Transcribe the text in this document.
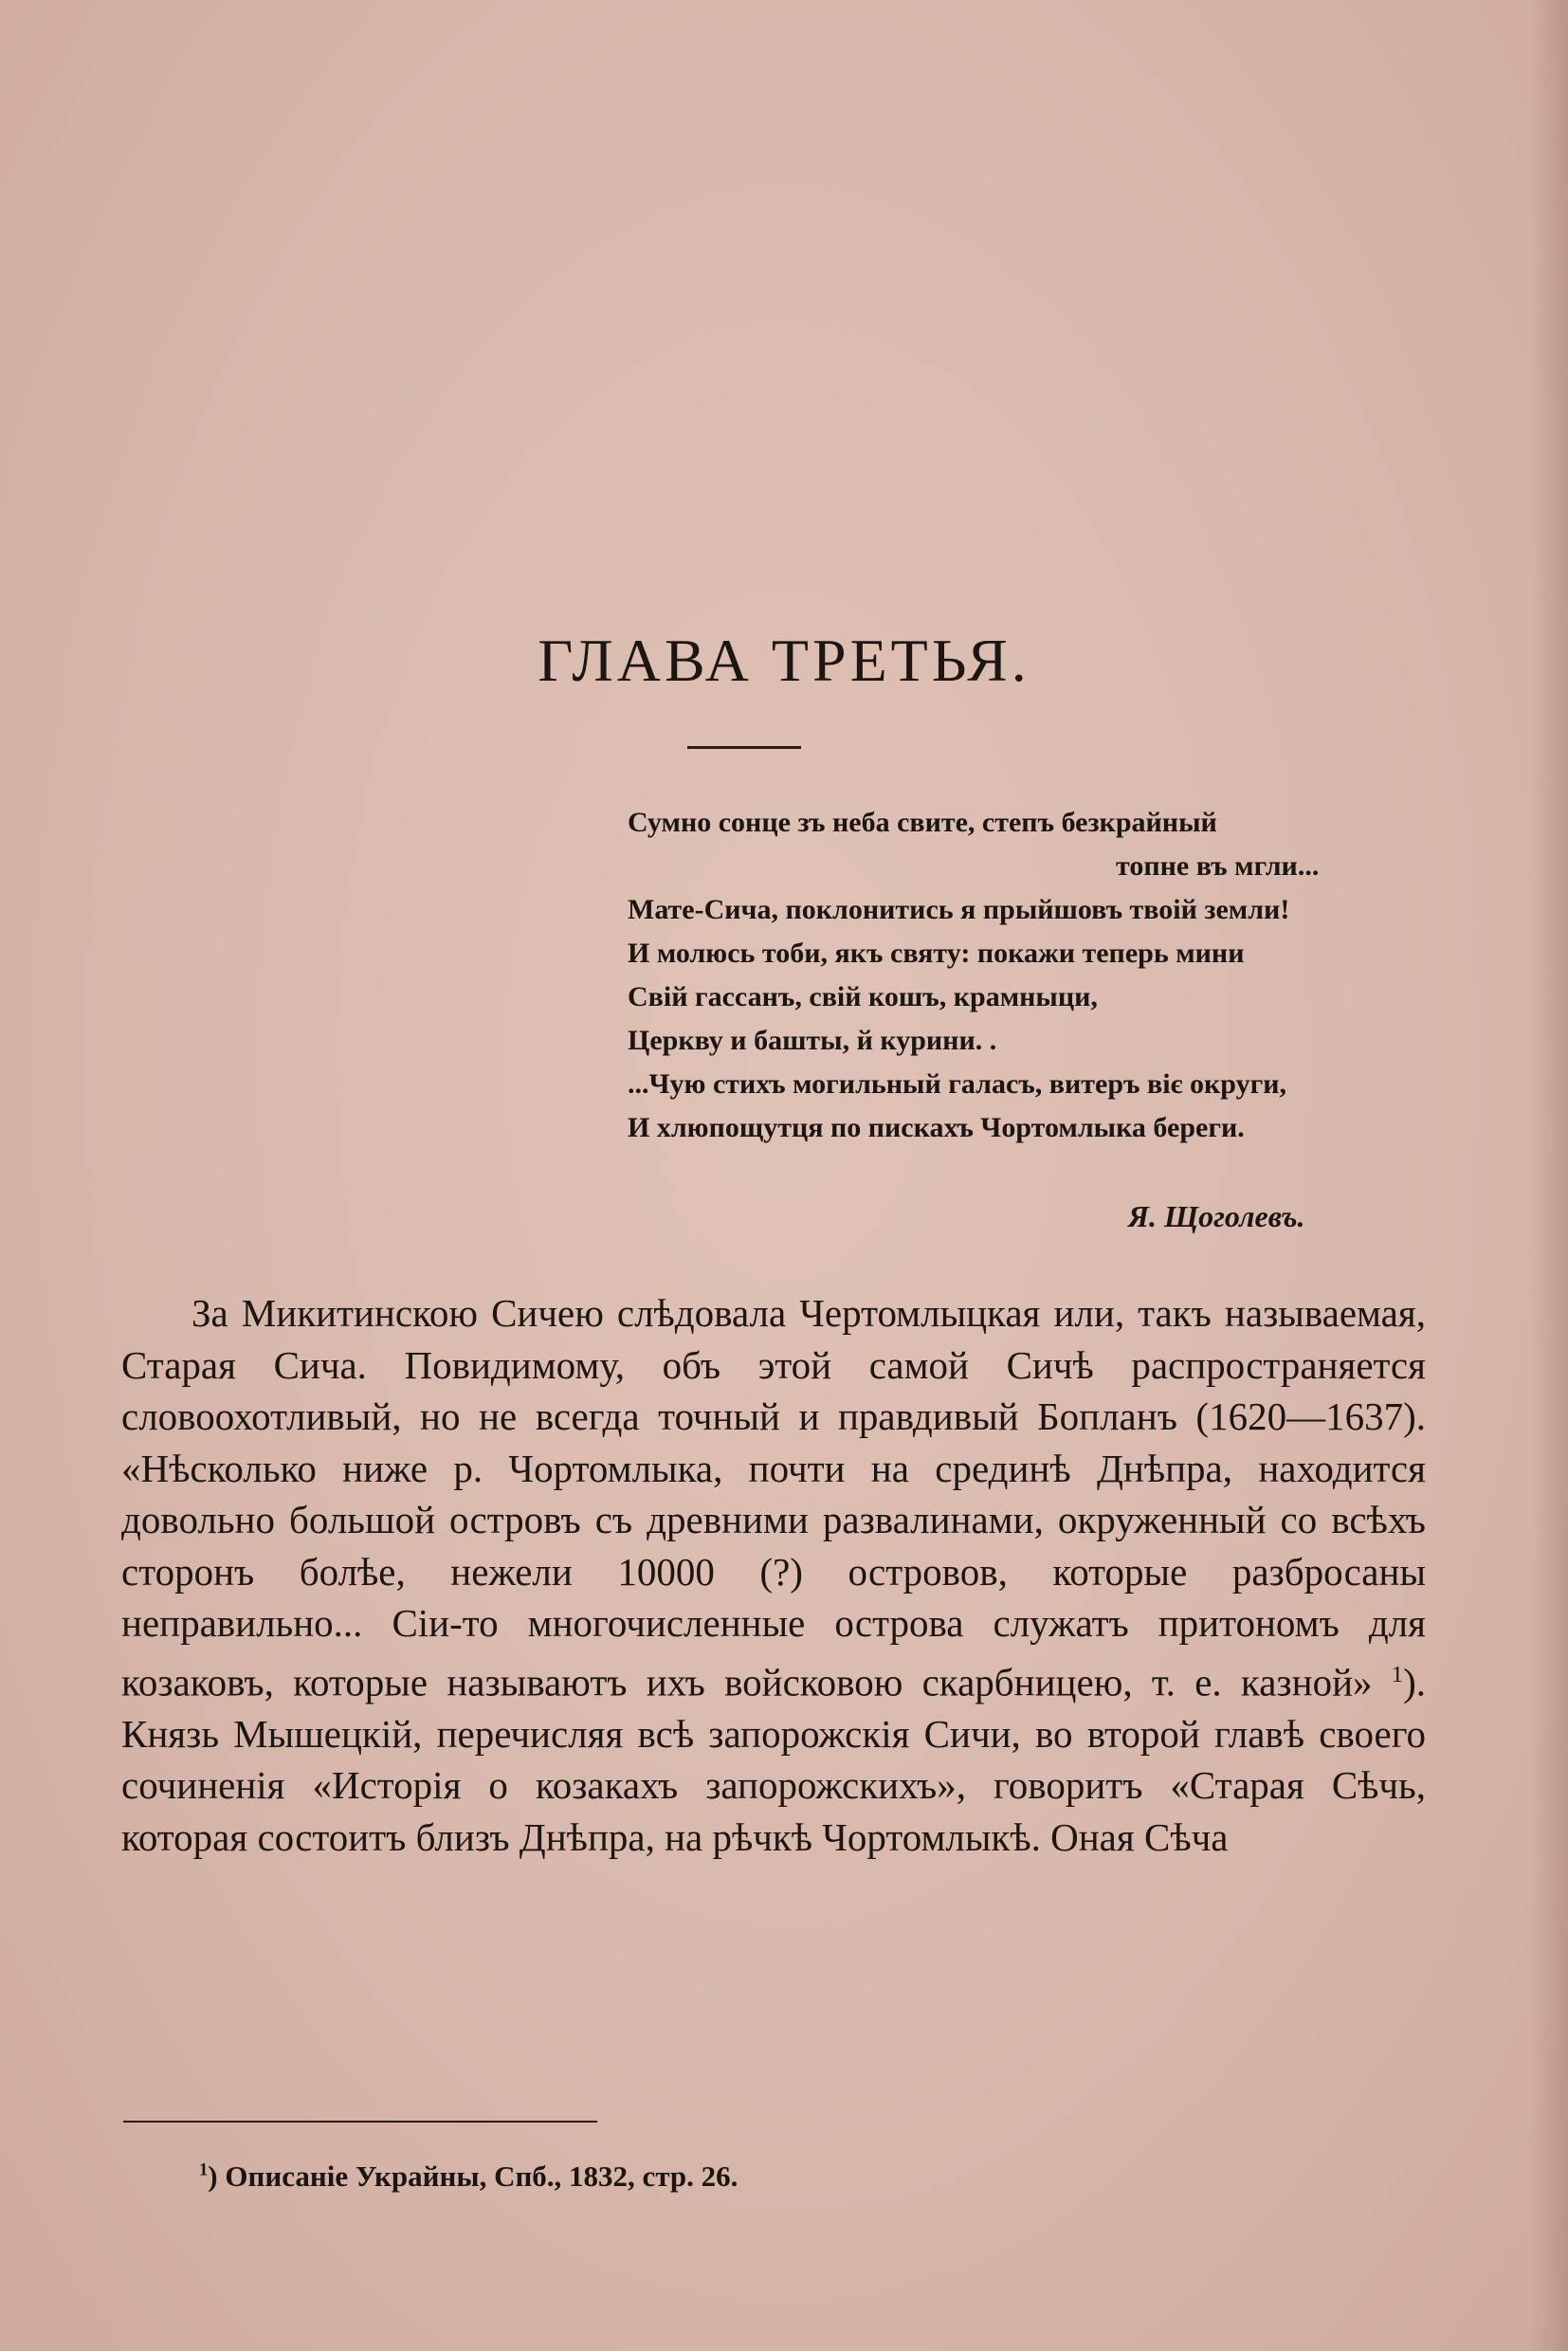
ГЛАВА ТРЕТЬЯ.
Сумно сонце зъ неба свите, степъ безкрайный
топне въ мгли...
Мате-Сича, поклонитись я прыйшовъ твоій земли!
И молюсь тоби, якъ святу: покажи теперь мини
Свій гассанъ, свій кошъ, крамныци,
Церкву и башты, й курини. .
...Чую стихъ могильный галасъ, витеръ віє округи,
И хлюпощутця по пискахъ Чортомлыка береги.
Я. Щоголевъ.
За Микитинскою Сичею слѣдовала Чертомлыцкая или, такъ называемая, Старая Сича. Повидимому, объ этой самой Сичѣ распространяется словоохотливый, но не всегда точный и правдивый Бопланъ (1620—1637). «Нѣсколько ниже р. Чортомлыка, почти на срединѣ Днѣпра, находится довольно большой островъ съ древними развалинами, окруженный со всѣхъ сторонъ болѣе, нежели 10000 (?) островов, которые разбросаны неправильно... Сіи-то многочисленные острова служатъ притономъ для козаковъ, которые называютъ ихъ войсковою скарбницею, т. е. казной» $^1$). Князь Мышецкій, перечисляя всѣ запорожскія Сичи, во второй главѣ своего сочиненія «Исторія о козакахъ запорожскихъ», говоритъ «Старая Сѣчь, которая состоитъ близъ Днѣпра, на рѣчкѣ Чортомлыкѣ. Оная Сѣча
$^1$) Описаніе Украйны, Спб., 1832, стр. 26.
